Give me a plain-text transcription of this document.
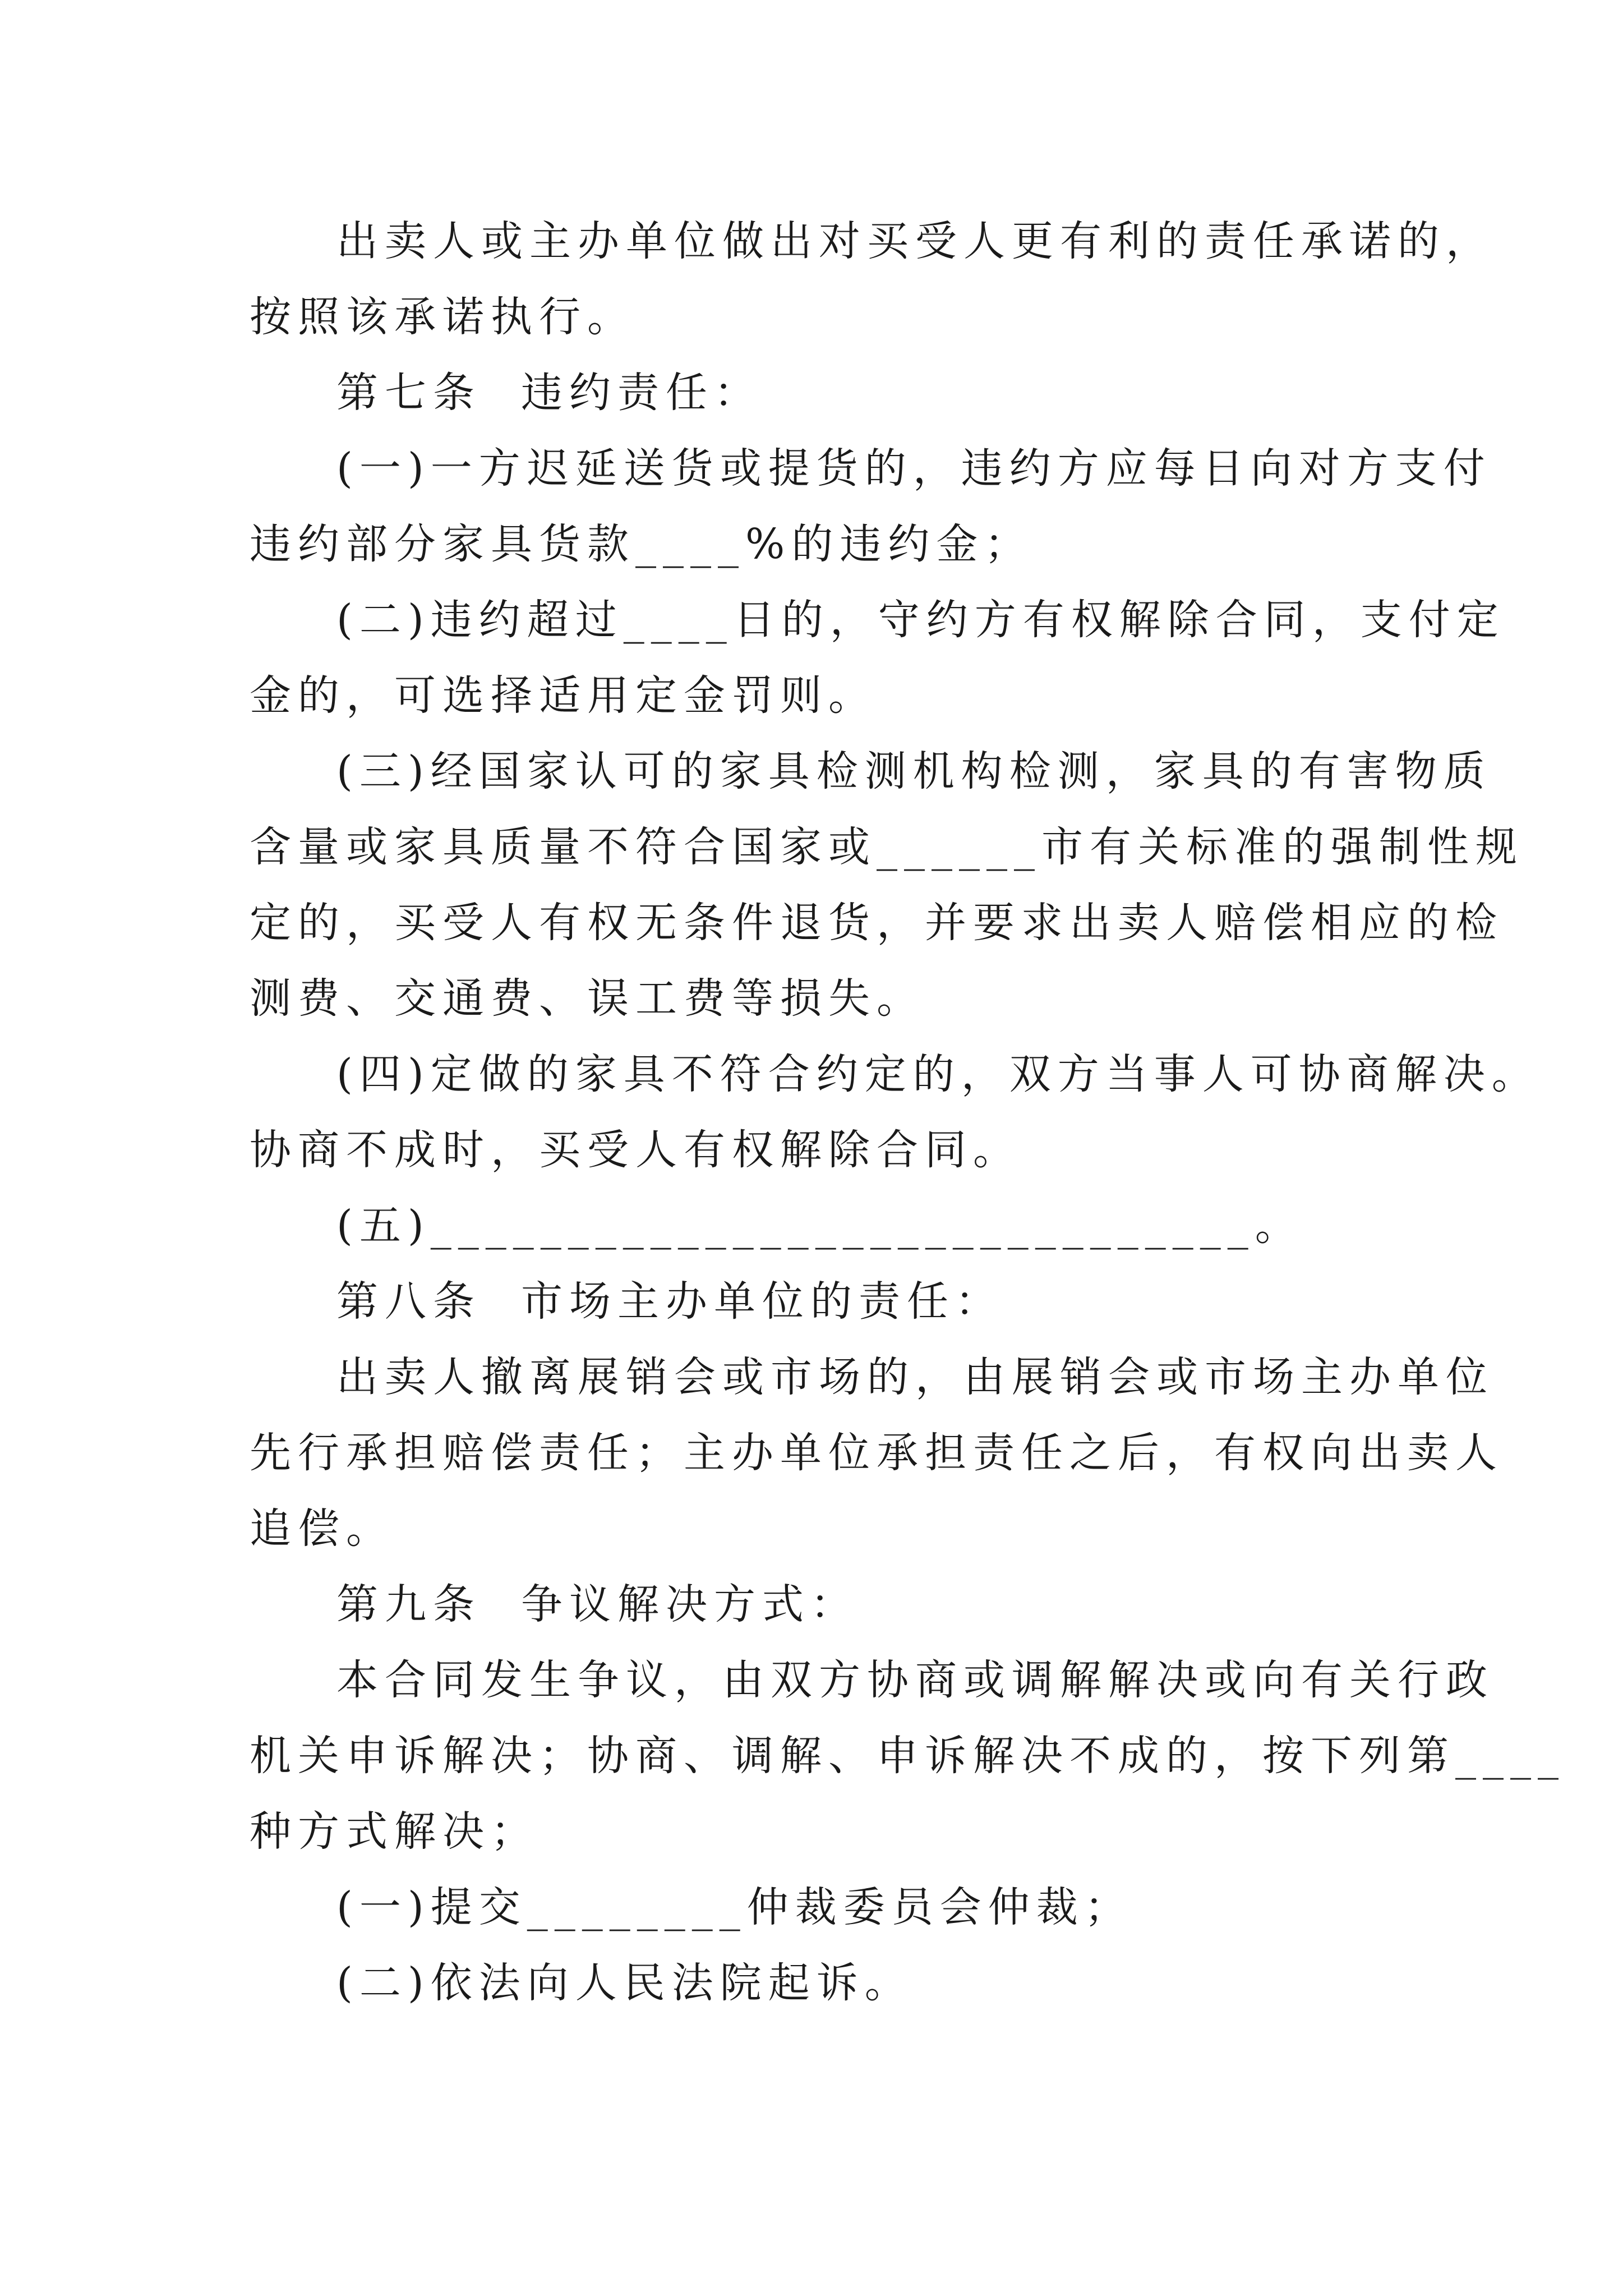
出卖人或主办单位做出对买受人更有利的责任承诺的，
按照该承诺执行。
第七条  违约责任：
(一)一方迟延送货或提货的，违约方应每日向对方支付
违约部分家具货款____%的违约金；
(二)违约超过____日的，守约方有权解除合同，支付定
金的，可选择适用定金罚则。
(三)经国家认可的家具检测机构检测，家具的有害物质
含量或家具质量不符合国家或______市有关标准的强制性规
定的，买受人有权无条件退货，并要求出卖人赔偿相应的检
测费、交通费、误工费等损失。
(四)定做的家具不符合约定的，双方当事人可协商解决。
协商不成时，买受人有权解除合同。
(五)______________________________。
第八条  市场主办单位的责任：
出卖人撤离展销会或市场的，由展销会或市场主办单位
先行承担赔偿责任；主办单位承担责任之后，有权向出卖人
追偿。
第九条  争议解决方式：
本合同发生争议，由双方协商或调解解决或向有关行政
机关申诉解决；协商、调解、申诉解决不成的，按下列第____
种方式解决；
(一)提交________仲裁委员会仲裁；
(二)依法向人民法院起诉。
